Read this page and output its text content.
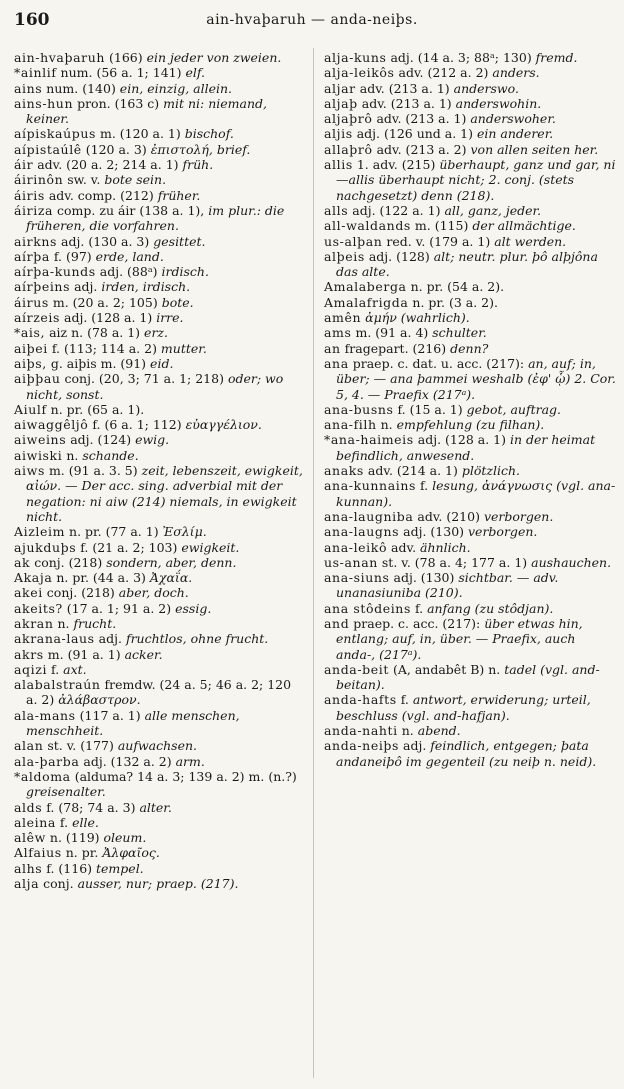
160	ain-hvaþaruh — anda-neiþs.

ain-hvaþaruh (166) ein jeder von zweien.

*ainlif num. (56 a. 1; 141) elf.

ains num. (140) ein, einzig, allein.

ains-hun pron. (163 c) mit ni: niemand, keiner.

aípiskaúpus m. (120 a. 1) bischof.

aípistaúlê (120 a. 3) ἐπιστολή, brief.

áir adv. (20 a. 2; 214 a. 1) früh.

áirinôn sw. v. bote sein.

áiris adv. comp. (212) früher.

áiriza comp. zu áir (138 a. 1), im plur.: die früheren, die vorfahren.

airkns adj. (130 a. 3) gesittet.

aírþa f. (97) erde, land.

aírþa-kunds adj. (88ᵃ) irdisch.

aírþeins adj. irden, irdisch.

áirus m. (20 a. 2; 105) bote.

aírzeis adj. (128 a. 1) irre.

*ais, aiz n. (78 a. 1) erz.

aiþei f. (113; 114 a. 2) mutter.

aiþs, g. aiþis m. (91) eid.

aiþþau conj. (20, 3; 71 a. 1; 218) oder; wo nicht, sonst.

Aiulf n. pr. (65 a. 1).

aiwaggêljô f. (6 a. 1; 112) εὐαγγέλιον.

aiweins adj. (124) ewig.

aiwiski n. schande.

aiws m. (91 a. 3. 5) zeit, lebenszeit, ewigkeit, αἰών. — Der acc. sing. adverbial mit der negation: ni aiw (214) niemals, in ewigkeit nicht.

Aizleim n. pr. (77 a. 1) Ἐσλίμ.

ajukduþs f. (21 a. 2; 103) ewigkeit.

ak conj. (218) sondern, aber, denn.

Akaja n. pr. (44 a. 3) Ἀχαΐα.

akei conj. (218) aber, doch.

akeits? (17 a. 1; 91 a. 2) essig.

akran n. frucht.

akrana-laus adj. fruchtlos, ohne frucht.

akrs m. (91 a. 1) acker.

aqizi f. axt.

alabalstraún fremdw. (24 a. 5; 46 a. 2; 120 a. 2) ἀλάβαστρον.

ala-mans (117 a. 1) alle menschen, menschheit.

alan st. v. (177) aufwachsen.

ala-þarba adj. (132 a. 2) arm.

*aldoma (alduma? 14 a. 3; 139 a. 2) m. (n.?) greisenalter.

alds f. (78; 74 a. 3) alter.

aleina f. elle.

alêw n. (119) oleum.

Alfaius n. pr. Ἀλφαῖος.

alhs f. (116) tempel.

alja conj. ausser, nur; praep. (217).

alja-kuns adj. (14 a. 3; 88ᵃ; 130) fremd.

alja-leikôs adv. (212 a. 2) anders.

aljar adv. (213 a. 1) anderswo.

aljaþ adv. (213 a. 1) anderswohin.

aljaþrô adv. (213 a. 1) anderswoher.

aljis adj. (126 und a. 1) ein anderer.

allaþrô adv. (213 a. 2) von allen seiten her.

allis 1. adv. (215) überhaupt, ganz und gar, ni—allis überhaupt nicht; 2. conj. (stets nachgesetzt) denn (218).

alls adj. (122 a. 1) all, ganz, jeder.

all-waldands m. (115) der allmächtige.

us-alþan red. v. (179 a. 1) alt werden.

alþeis adj. (128) alt; neutr. plur. þô alþjôna das alte.

Amalaberga n. pr. (54 a. 2).

Amalafrigda n. pr. (3 a. 2).

amên ἀμήν (wahrlich).

ams m. (91 a. 4) schulter.

an fragepart. (216) denn?

ana praep. c. dat. u. acc. (217): an, auf; in, über; — ana þammei weshalb (ἐφ' ᾧ) 2. Cor. 5, 4. — Praefix (217ᵃ).

ana-busns f. (15 a. 1) gebot, auftrag.

ana-filh n. empfehlung (zu filhan).

*ana-haimeis adj. (128 a. 1) in der heimat befindlich, anwesend.

anaks adv. (214 a. 1) plötzlich.

ana-kunnains f. lesung, ἀνάγνωσις (vgl. ana-kunnan).

ana-laugniba adv. (210) verborgen.

ana-laugns adj. (130) verborgen.

ana-leikô adv. ähnlich.

us-anan st. v. (78 a. 4; 177 a. 1) aushauchen.

ana-siuns adj. (130) sichtbar. — adv. unanasiuniba (210).

ana stôdeins f. anfang (zu stôdjan).

and praep. c. acc. (217): über etwas hin, entlang; auf, in, über. — Praefix, auch anda-, (217ᵃ).

anda-beit (A, andabêt B) n. tadel (vgl. and-beitan).

anda-hafts f. antwort, erwiderung; urteil, beschluss (vgl. and-hafjan).

anda-nahti n. abend.

anda-neiþs adj. feindlich, entgegen; þata andaneiþô im gegenteil (zu neiþ n. neid).
